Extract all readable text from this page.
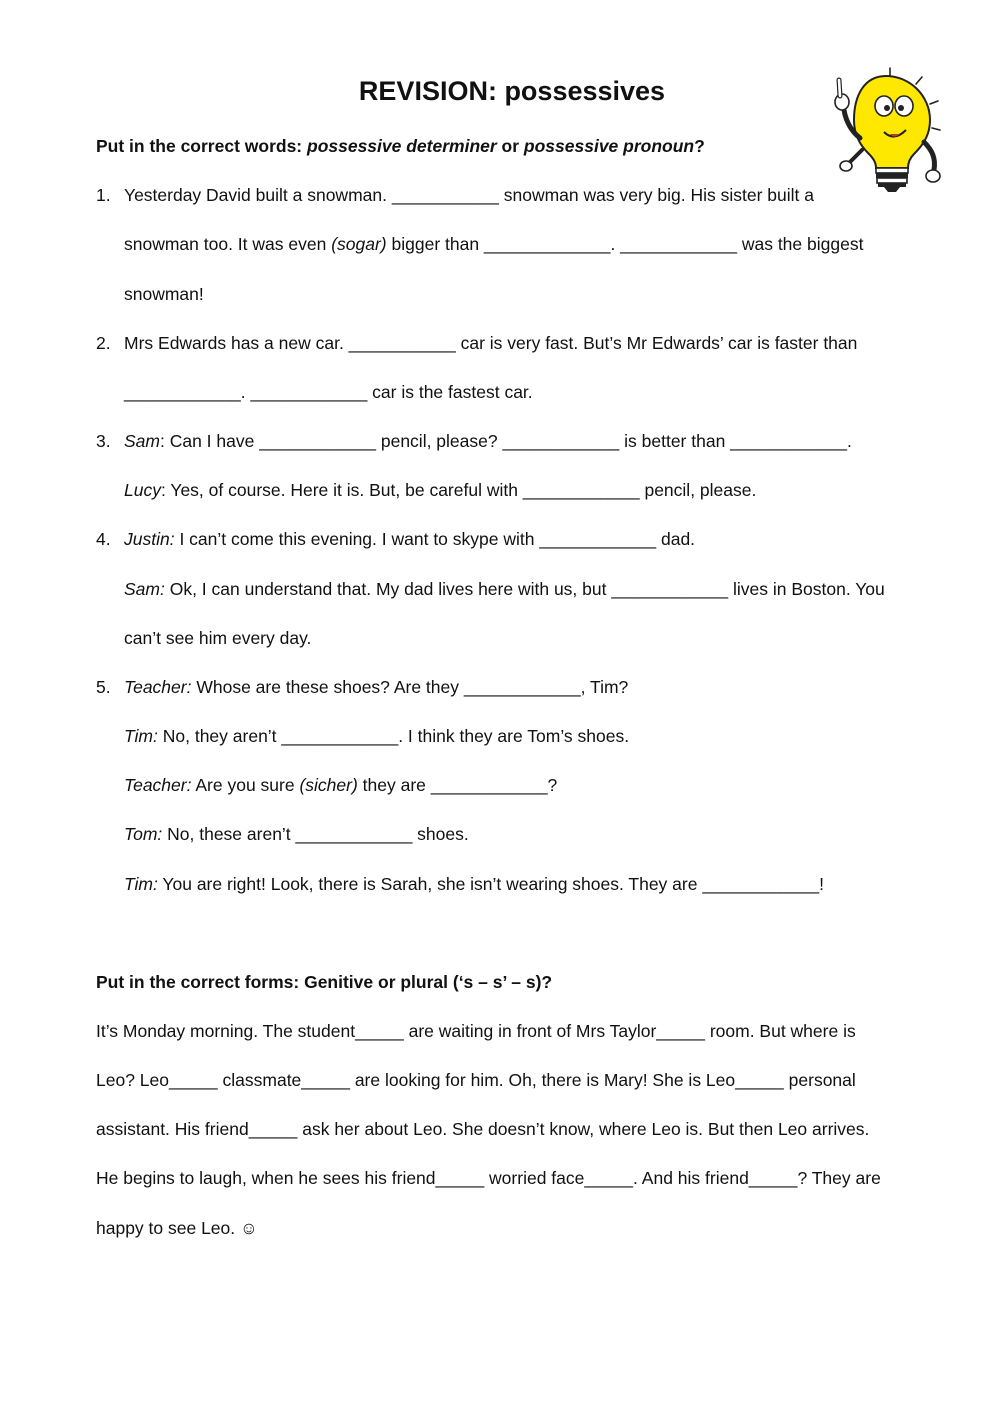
REVISION: possessives
Put in the correct words: possessive determiner or possessive pronoun?
1. Yesterday David built a snowman. ___________ snowman was very big. His sister built a
snowman too. It was even (sogar) bigger than _____________. ____________ was the biggest
snowman!
2. Mrs Edwards has a new car. ___________ car is very fast. But’s Mr Edwards’ car is faster than
____________. ____________ car is the fastest car.
3. Sam: Can I have ____________ pencil, please? ____________ is better than ____________.
Lucy: Yes, of course. Here it is. But, be careful with ____________ pencil, please.
4. Justin: I can’t come this evening. I want to skype with ____________ dad.
Sam: Ok, I can understand that. My dad lives here with us, but ____________ lives in Boston. You
can’t see him every day.
5. Teacher: Whose are these shoes? Are they ____________, Tim?
Tim: No, they aren’t ____________. I think they are Tom’s shoes.
Teacher: Are you sure (sicher) they are ____________?
Tom: No, these aren’t ____________ shoes.
Tim: You are right! Look, there is Sarah, she isn’t wearing shoes. They are ____________!
Put in the correct forms: Genitive or plural (‘s – s’ – s)?
It’s Monday morning. The student_____ are waiting in front of Mrs Taylor_____ room. But where is
Leo? Leo_____ classmate_____ are looking for him. Oh, there is Mary! She is Leo_____ personal
assistant. His friend_____ ask her about Leo. She doesn’t know, where Leo is. But then Leo arrives.
He begins to laugh, when he sees his friend_____ worried face_____. And his friend_____? They are
happy to see Leo. ☺
